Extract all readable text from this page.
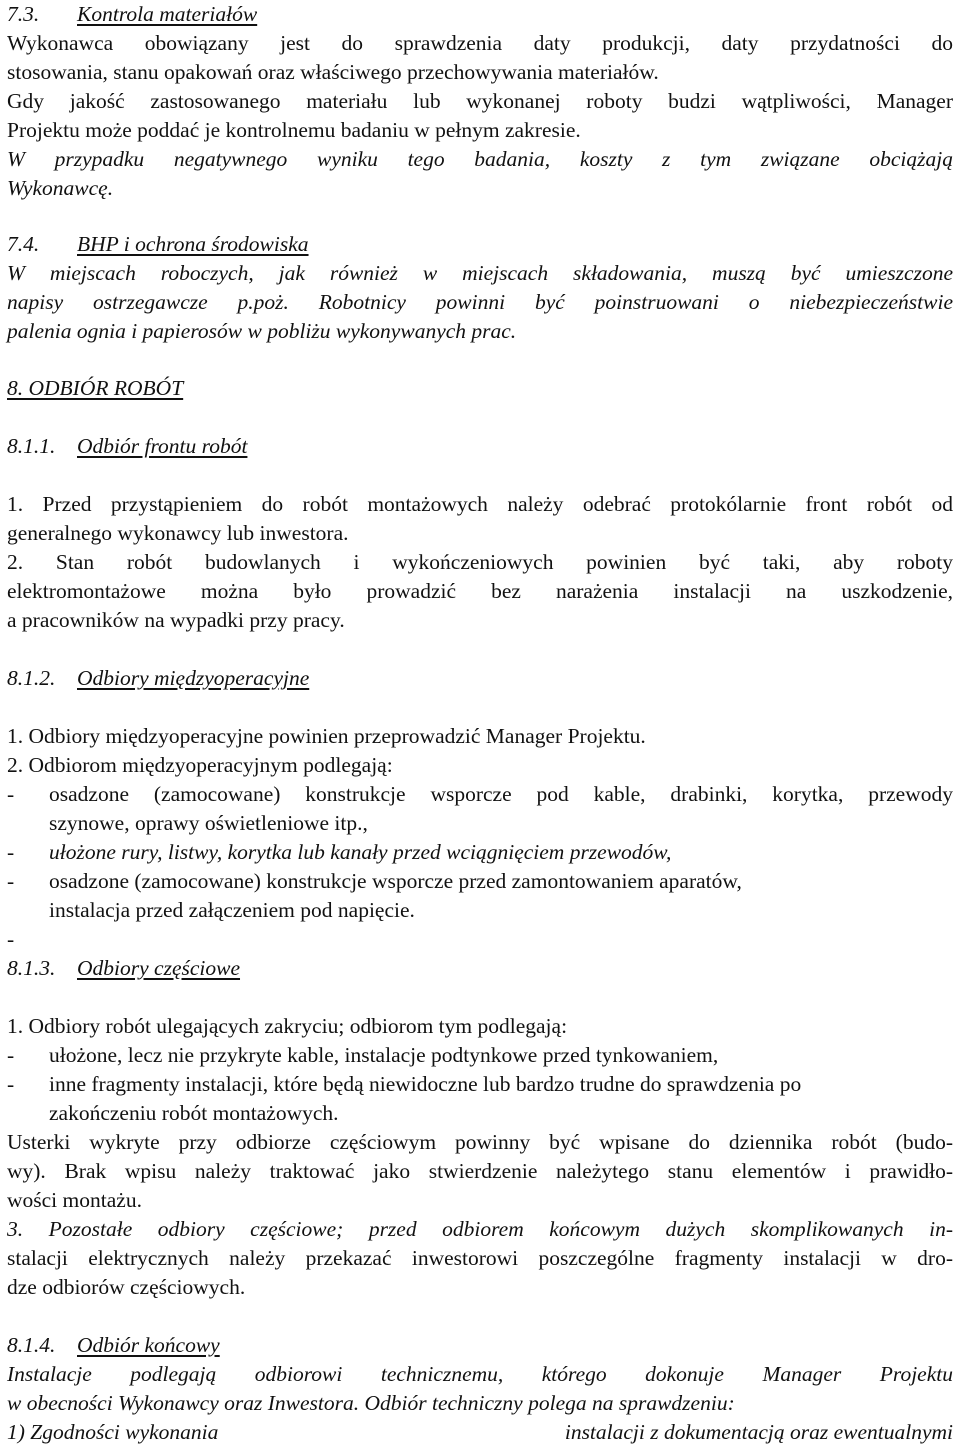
7.3. Kontrola materiałów
Wykonawca obowiązany jest do sprawdzenia daty produkcji, daty przydatności do
stosowania, stanu opakowań oraz właściwego przechowywania materiałów.
Gdy jakość zastosowanego materiału lub wykonanej roboty budzi wątpliwości, Manager
Projektu może poddać je kontrolnemu badaniu w pełnym zakresie.
W przypadku negatywnego wyniku tego badania, koszty z tym związane obciążają
Wykonawcę.
7.4. BHP i ochrona środowiska
W miejscach roboczych, jak również w miejscach składowania, muszą być umieszczone
napisy ostrzegawcze p.poż. Robotnicy powinni być poinstruowani o niebezpieczeństwie
palenia ognia i papierosów w pobliżu wykonywanych prac.
8. ODBIÓR ROBÓT
8.1.1. Odbiór frontu robót
1. Przed przystąpieniem do robót montażowych należy odebrać protokólarnie front robót od
generalnego wykonawcy lub inwestora.
2. Stan robót budowlanych i wykończeniowych powinien być taki, aby roboty
elektromontażowe można było prowadzić bez narażenia instalacji na uszkodzenie,
a pracowników na wypadki przy pracy.
8.1.2. Odbiory międzyoperacyjne
1. Odbiory międzyoperacyjne powinien przeprowadzić Manager Projektu.
2. Odbiorom międzyoperacyjnym podlegają:
- osadzone (zamocowane) konstrukcje wsporcze pod kable, drabinki, korytka, przewody
szynowe, oprawy oświetleniowe itp.,
- ułożone rury, listwy, korytka lub kanały przed wciągnięciem przewodów,
- osadzone (zamocowane) konstrukcje wsporcze przed zamontowaniem aparatów,
instalacja przed załączeniem pod napięcie.
-
8.1.3. Odbiory częściowe
1. Odbiory robót ulegających zakryciu; odbiorom tym podlegają:
- ułożone, lecz nie przykryte kable, instalacje podtynkowe przed tynkowaniem,
- inne fragmenty instalacji, które będą niewidoczne lub bardzo trudne do sprawdzenia po
zakończeniu robót montażowych.
Usterki wykryte przy odbiorze częściowym powinny być wpisane do dziennika robót (budo-
wy). Brak wpisu należy traktować jako stwierdzenie należytego stanu elementów i prawidło-
wości montażu.
3. Pozostałe odbiory częściowe; przed odbiorem końcowym dużych skomplikowanych in-
stalacji elektrycznych należy przekazać inwestorowi poszczególne fragmenty instalacji w dro-
dze odbiorów częściowych.
8.1.4. Odbiór końcowy
Instalacje podlegają odbiorowi technicznemu, którego dokonuje Manager Projektu
w obecności Wykonawcy oraz Inwestora. Odbiór techniczny polega na sprawdzeniu:
1) Zgodności wykonania	instalacji z dokumentacją oraz ewentualnymi
